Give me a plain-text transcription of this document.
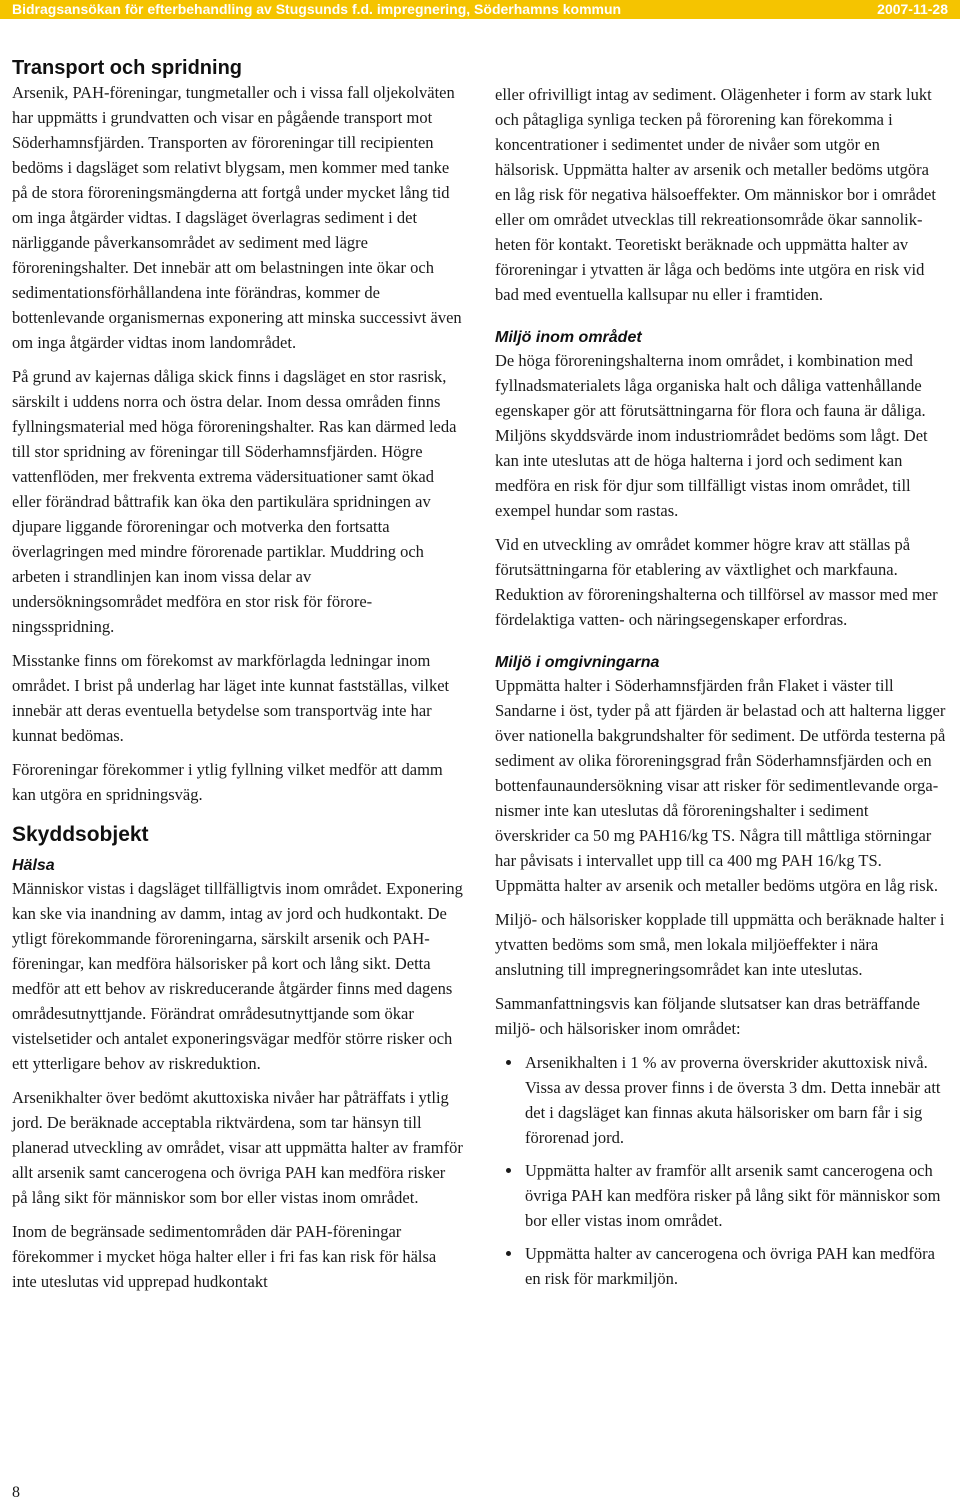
Bidragsansökan för efterbehandling av Stugsunds f.d. impregnering, Söderhamns kommun	2007-11-28
Transport och spridning

Arsenik, PAH-föreningar, tungmetaller och i vissa fall oljekolväten har uppmätts i grundvatten och visar en pågående transport mot Söderhamnsfjärden. Transporten av föroreningar till recipienten bedöms i dagsläget som relativt blygsam, men kommer med tanke på de stora föroreningsmängderna att fortgå under mycket lång tid om inga åtgärder vidtas. I dagsläget överlagras sediment i det närliggande påverkansområdet av sediment med lägre föroreningshalter. Det innebär att om belastningen inte ökar och sedimentationsförhållandena inte förändras, kommer de bottenlevande organismernas exponering att minska successivt även om inga åtgärder vidtas inom landområdet.

På grund av kajernas dåliga skick finns i dagsläget en stor rasrisk, särskilt i uddens norra och östra delar. Inom dessa områden finns fyllningsmaterial med höga föroreningshalter. Ras kan därmed leda till stor spridning av föreningar till Söderhamnsfjärden. Högre vattenflöden, mer frekventa extrema vädersituationer samt ökad eller förändrad båttrafik kan öka den partikulära spridningen av djupare liggande föroreningar och motverka den fortsatta överlagringen med mindre förorenade partiklar. Muddring och arbeten i strandlinjen kan inom vissa delar av undersökningsområdet medföra en stor risk för föroreningsspridning.

Misstanke finns om förekomst av markförlagda ledningar inom området. I brist på underlag har läget inte kunnat fastställas, vilket innebär att deras eventuella betydelse som transportväg inte har kunnat bedömas.

Föroreningar förekommer i ytlig fyllning vilket medför att damm kan utgöra en spridningsväg.

Skyddsobjekt
Hälsa

Människor vistas i dagsläget tillfälligtvis inom området. Exponering kan ske via inandning av damm, intag av jord och hudkontakt. De ytligt förekommande föroreningarna, särskilt arsenik och PAH-föreningar, kan medföra hälsorisker på kort och lång sikt. Detta medför att ett behov av riskreducerande åtgärder finns med dagens områdesutnyttjande. Förändrat områdesutnyttjande som ökar vistelsetider och antalet exponeringsvägar medför större risker och ett ytterligare behov av riskreduktion.

Arsenikhalter över bedömt akuttoxiska nivåer har påträffats i ytlig jord. De beräknade acceptabla riktvärdena, som tar hänsyn till planerad utveckling av området, visar att uppmätta halter av framför allt arsenik samt cancerogena och övriga PAH kan medföra risker på lång sikt för människor som bor eller vistas inom området.

Inom de begränsade sedimentområden där PAH-föreningar förekommer i mycket höga halter eller i fri fas kan risk för hälsa inte uteslutas vid upprepad hudkontakt

eller ofrivilligt intag av sediment. Olägenheter i form av stark lukt och påtagliga synliga tecken på förorening kan förekomma i koncentrationer i sedimentet under de nivåer som utgör en hälsorisk. Uppmätta halter av arsenik och metaller bedöms utgöra en låg risk för negativa hälsoeffekter. Om människor bor i området eller om området utvecklas till rekreationsområde ökar sannolikheten för kontakt. Teoretiskt beräknade och uppmätta halter av föroreningar i ytvatten är låga och bedöms inte utgöra en risk vid bad med eventuella kallsupar nu eller i framtiden.

Miljö inom området

De höga föroreningshalterna inom området, i kombination med fyllnadsmaterialets låga organiska halt och dåliga vattenhållande egenskaper gör att förutsättningarna för flora och fauna är dåliga. Miljöns skyddsvärde inom industriområdet bedöms som lågt. Det kan inte uteslutas att de höga halterna i jord och sediment kan medföra en risk för djur som tillfälligt vistas inom området, till exempel hundar som rastas.

Vid en utveckling av området kommer högre krav att ställas på förutsättningarna för etablering av växtlighet och markfauna. Reduktion av föroreningshalterna och tillförsel av massor med mer fördelaktiga vatten- och näringsegenskaper erfordras.

Miljö i omgivningarna

Uppmätta halter i Söderhamnsfjärden från Flaket i väster till Sandarne i öst, tyder på att fjärden är belastad och att halterna ligger över nationella bakgrundshalter för sediment. De utförda testerna på sediment av olika föroreningsgrad från Söderhamnsfjärden och en bottenfaunaundersökning visar att risker för sedimentlevande organismer inte kan uteslutas då föroreningshalter i sediment överskrider ca 50 mg PAH16/kg TS. Några till måttliga störningar har påvisats i intervallet upp till ca 400 mg PAH 16/kg TS. Uppmätta halter av arsenik och metaller bedöms utgöra en låg risk.

Miljö- och hälsorisker kopplade till uppmätta och beräknade halter i ytvatten bedöms som små, men lokala miljöeffekter i nära anslutning till impregneringsområdet kan inte uteslutas.

Sammanfattningsvis kan följande slutsatser kan dras beträffande miljö- och hälsorisker inom området:

• Arsenikhalten i 1 % av proverna överskrider akuttoxisk nivå. Vissa av dessa prover finns i de översta 3 dm. Detta innebär att det i dagsläget kan finnas akuta hälsorisker om barn får i sig förorenad jord.
• Uppmätta halter av framför allt arsenik samt cancerogena och övriga PAH kan medföra risker på lång sikt för människor som bor eller vistas inom området.
• Uppmätta halter av cancerogena och övriga PAH kan medföra en risk för markmiljön.
8
